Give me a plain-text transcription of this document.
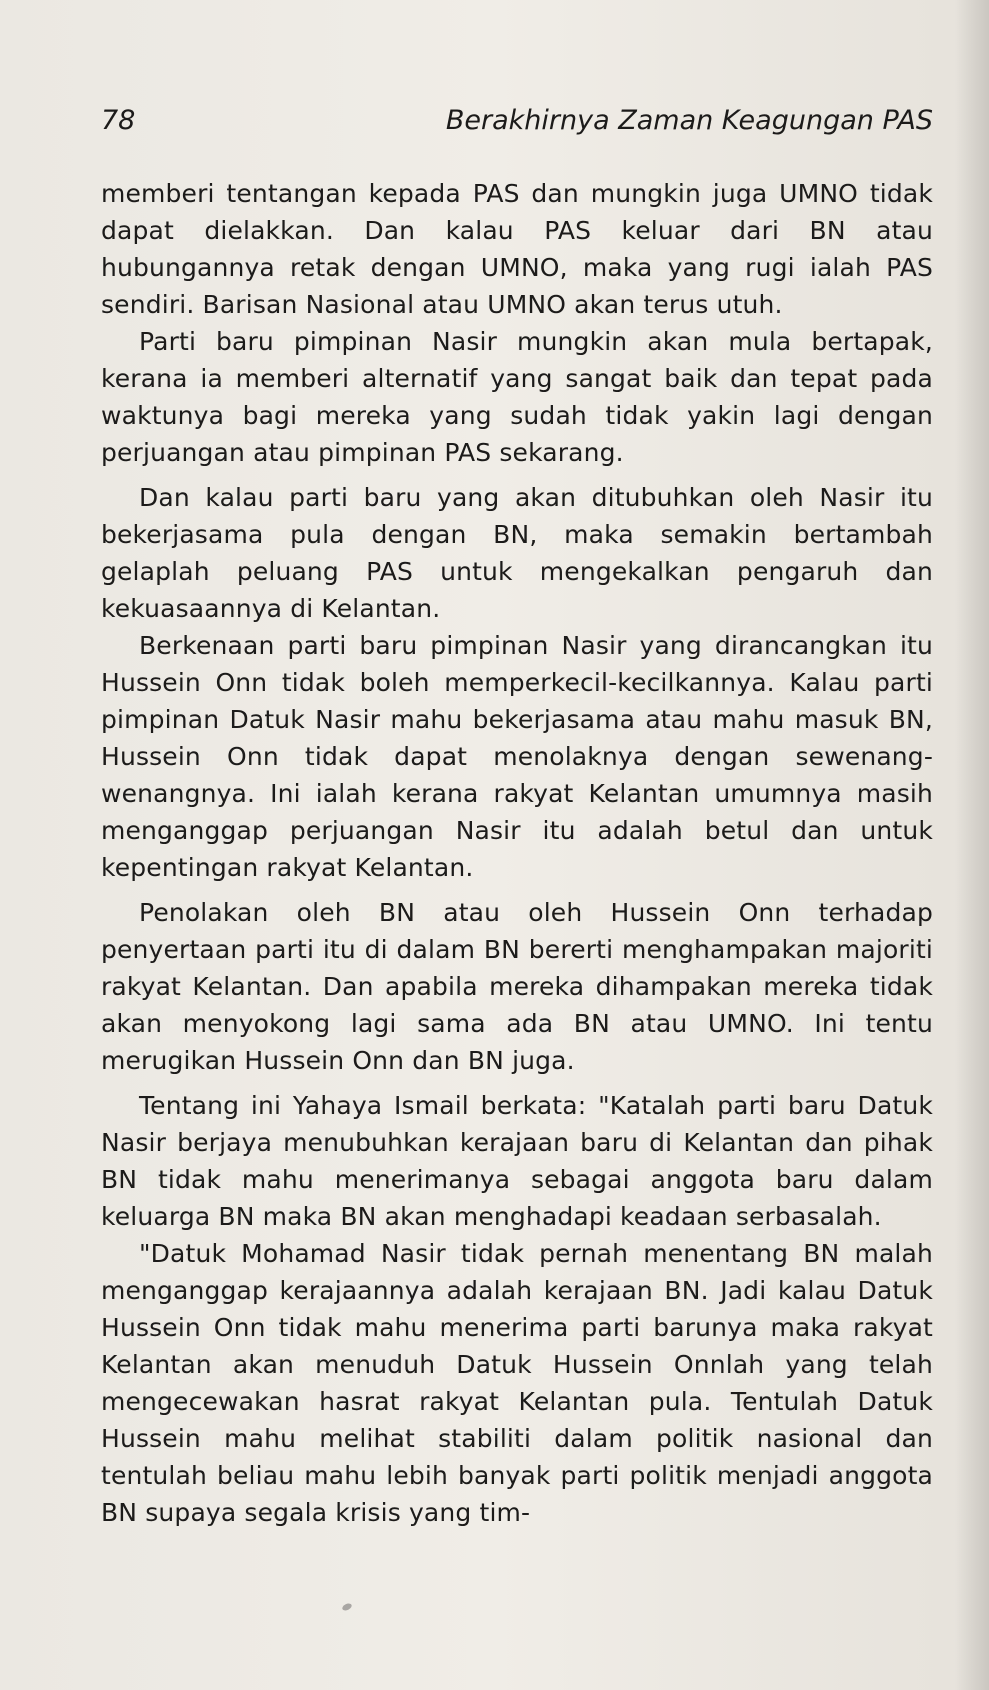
78	Berakhirnya Zaman Keagungan PAS

memberi tentangan kepada PAS dan mungkin juga UMNO tidak dapat dielakkan. Dan kalau PAS keluar dari BN atau hubungannya retak dengan UMNO, maka yang rugi ialah PAS sendiri. Barisan Nasional atau UMNO akan terus utuh.

Parti baru pimpinan Nasir mungkin akan mula bertapak, kerana ia memberi alternatif yang sangat baik dan tepat pada waktunya bagi mereka yang sudah tidak yakin lagi dengan perjuangan atau pimpinan PAS sekarang.

Dan kalau parti baru yang akan ditubuhkan oleh Nasir itu bekerjasama pula dengan BN, maka semakin bertambah gelaplah peluang PAS untuk mengekalkan pengaruh dan kekuasaannya di Kelantan.

Berkenaan parti baru pimpinan Nasir yang dirancangkan itu Hussein Onn tidak boleh memperkecil-kecilkannya. Kalau parti pimpinan Datuk Nasir mahu bekerjasama atau mahu masuk BN, Hussein Onn tidak dapat menolaknya dengan sewenang-wenangnya. Ini ialah kerana rakyat Kelantan umumnya masih menganggap perjuangan Nasir itu adalah betul dan untuk kepentingan rakyat Kelantan.

Penolakan oleh BN atau oleh Hussein Onn terhadap penyertaan parti itu di dalam BN bererti menghampakan majoriti rakyat Kelantan. Dan apabila mereka dihampakan mereka tidak akan menyokong lagi sama ada BN atau UMNO. Ini tentu merugikan Hussein Onn dan BN juga.

Tentang ini Yahaya Ismail berkata: "Katalah parti baru Datuk Nasir berjaya menubuhkan kerajaan baru di Kelantan dan pihak BN tidak mahu menerimanya sebagai anggota baru dalam keluarga BN maka BN akan menghadapi keadaan serbasalah.

"Datuk Mohamad Nasir tidak pernah menentang BN malah menganggap kerajaannya adalah kerajaan BN. Jadi kalau Datuk Hussein Onn tidak mahu menerima parti barunya maka rakyat Kelantan akan menuduh Datuk Hussein Onnlah yang telah mengecewakan hasrat rakyat Kelantan pula. Tentulah Datuk Hussein mahu melihat stabiliti dalam politik nasional dan tentulah beliau mahu lebih banyak parti politik menjadi anggota BN supaya segala krisis yang tim-
